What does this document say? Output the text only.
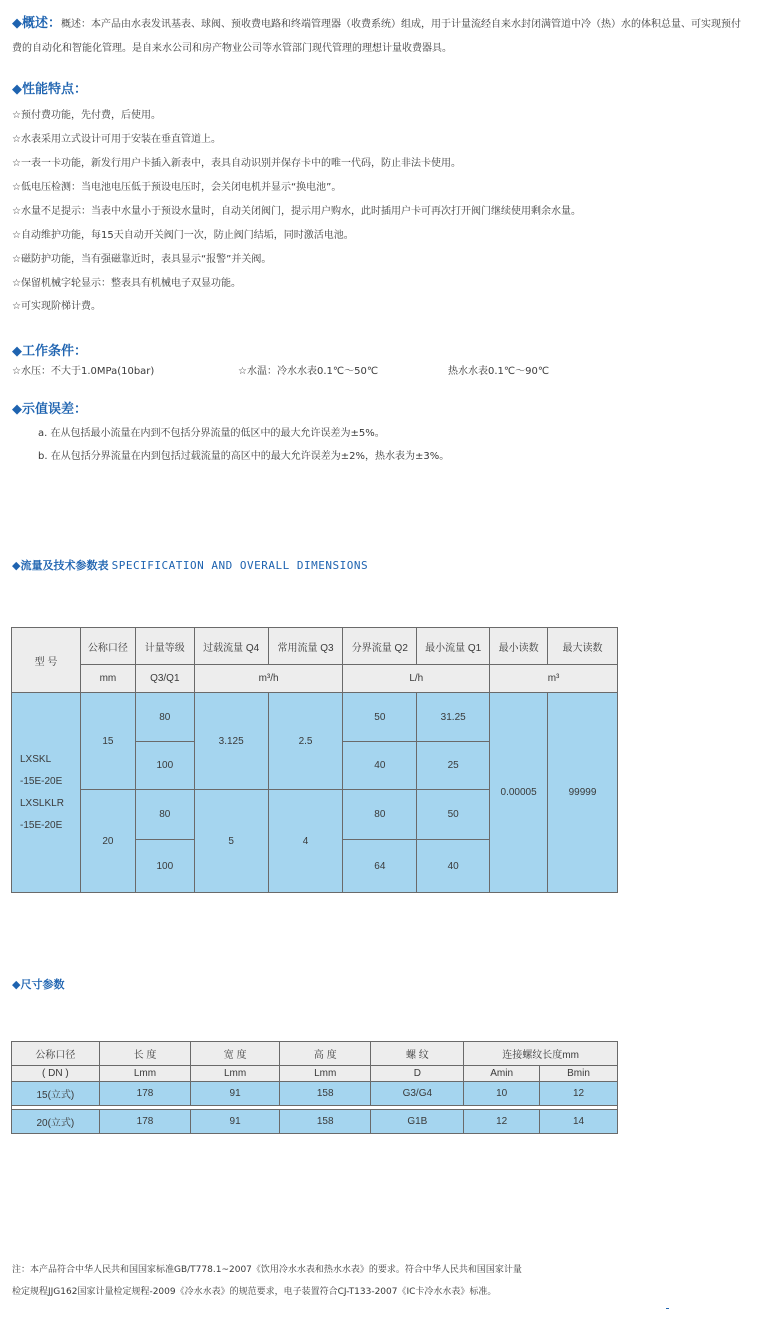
◆概述：概述：本产品由水表发讯基表、球阀、预收费电路和终端管理器（收费系统）组成，用于计量流经自来水封闭满管道中冷（热）水的体积总量、可实现预付费的自动化和智能化管理。是自来水公司和房产物业公司等水管部门现代管理的理想计量收费器具。
◆性能特点：
☆预付费功能，先付费，后使用。
☆水表采用立式设计可用于安装在垂直管道上。
☆一表一卡功能，新发行用户卡插入新表中，表具自动识别并保存卡中的唯一代码，防止非法卡使用。
☆低电压检测：当电池电压低于预设电压时，会关闭电机并显示“换电池”。
☆水量不足提示：当表中水量小于预设水量时，自动关闭阀门，提示用户购水，此时插用户卡可再次打开阀门继续使用剩余水量。
☆自动维护功能，每15天自动开关阀门一次，防止阀门结垢，同时激活电池。
☆磁防护功能，当有强磁靠近时，表具显示“报警”并关阀。
☆保留机械字轮显示：整表具有机械电子双显功能。
☆可实现阶梯计费。
◆工作条件：
☆水压：不大于1.0MPa(10bar)	☆水温：冷水水表0.1℃～50℃	热水水表0.1℃～90℃
◆示值误差：
a. 在从包括最小流量在内到不包括分界流量的低区中的最大允许误差为±5%。
b. 在从包括分界流量在内到包括过载流量的高区中的最大允许误差为±2%，热水表为±3%。
◆流量及技术参数表 SPECIFICATION AND OVERALL DIMENSIONS
型 号	公称口径	计量等级	过载流量 Q4	常用流量 Q3	分界流量 Q2	最小流量 Q1	最小读数	最大读数
	mm	Q3/Q1	m³/h		L/h		m³	

LXSKL
-15E-20E
LXSLKLR
-15E-20E	15	80	3.125	2.5	50	31.25	0.00005	99999
		100			40	25		
	20	80	5	4	80	50		
		100			64	40		
◆尺寸参数
公称口径	长 度	宽 度	高 度	螺 纹	连接螺纹长度mm	
( DN )	Lmm	Lmm	Lmm	D	Amin	Bmin
15(立式)	178	91	158	G3/G4	10	12

20(立式)	178	91	158	G1B	12	14
注：本产品符合中华人民共和国国家标准GB/T778.1~2007《饮用冷水水表和热水水表》的要求。符合中华人民共和国国家计量
检定规程JJG162国家计量检定规程-2009《冷水水表》的规范要求，电子装置符合CJ-T133-2007《IC卡冷水水表》标准。
